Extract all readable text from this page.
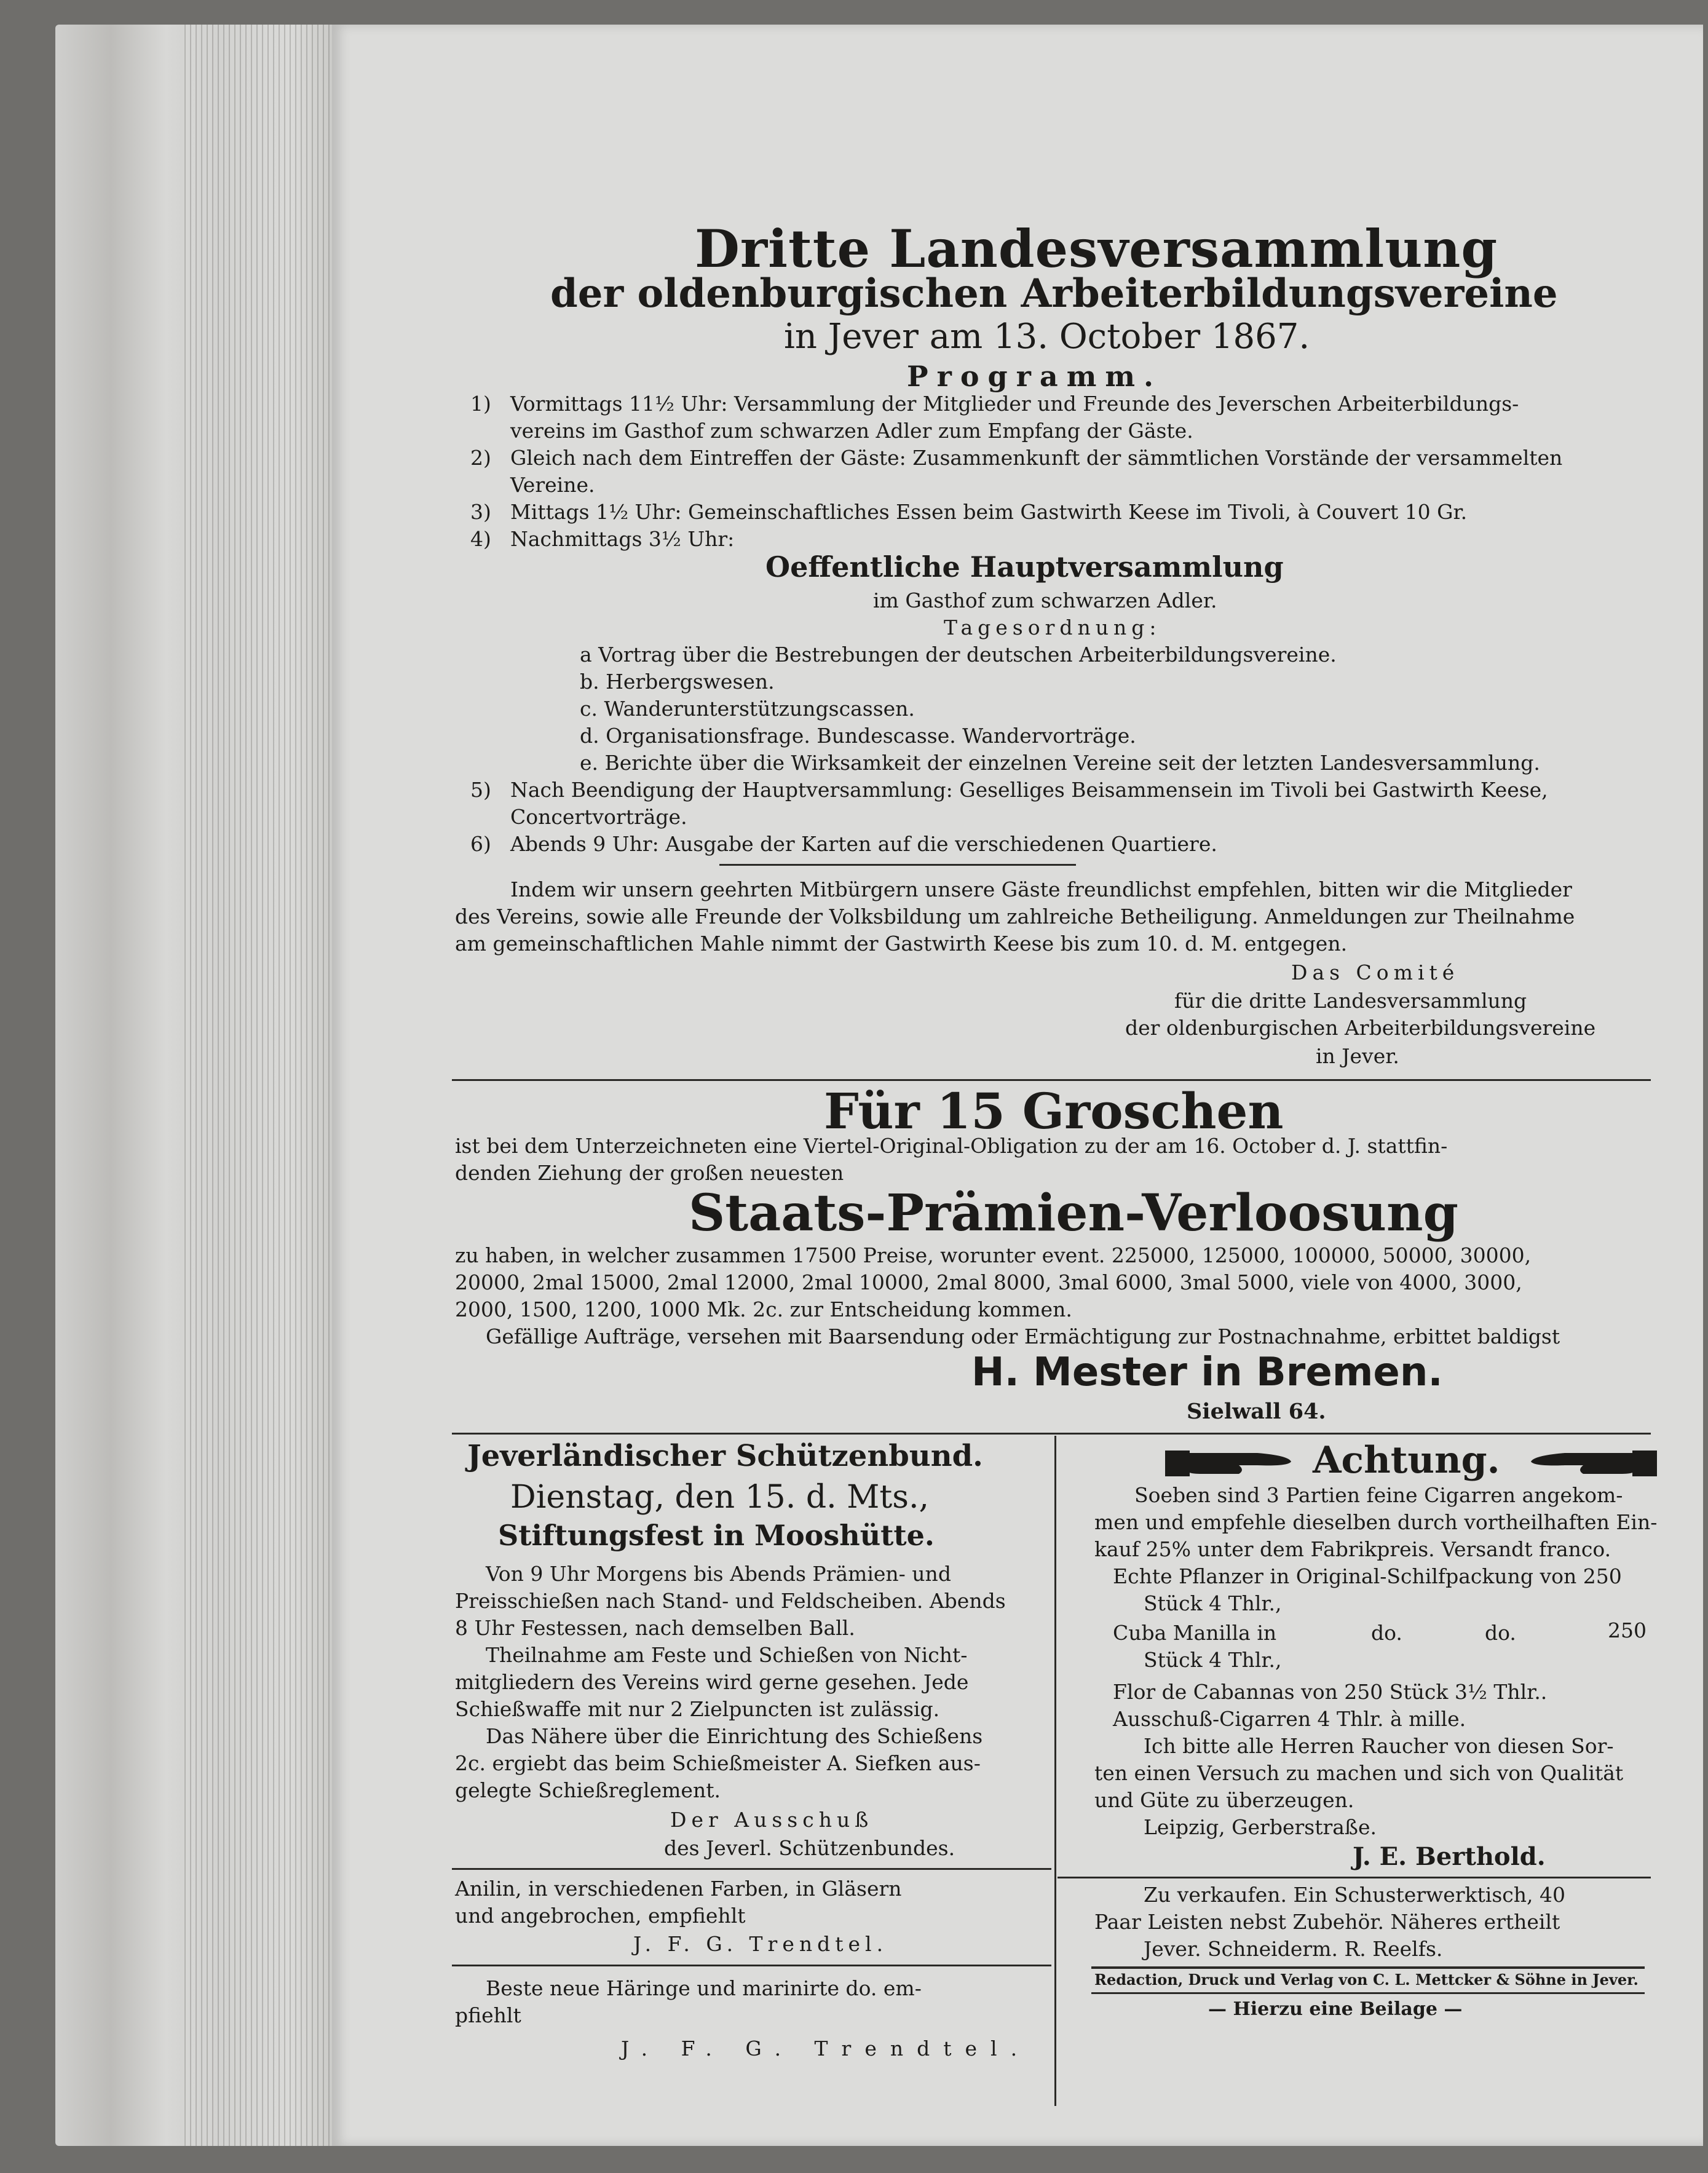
Dritte Landesversammlung
der oldenburgischen Arbeiterbildungsvereine
in Jever am 13. October 1867.
Programm.
1) Vormittags 11½ Uhr: Versammlung der Mitglieder und Freunde des Jeverschen Arbeiterbildungs-
vereins im Gasthof zum schwarzen Adler zum Empfang der Gäste.
2) Gleich nach dem Eintreffen der Gäste: Zusammenkunft der sämmtlichen Vorstände der versammelten
Vereine.
3) Mittags 1½ Uhr: Gemeinschaftliches Essen beim Gastwirth Keese im Tivoli, à Couvert 10 Gr.
4) Nachmittags 3½ Uhr:
Oeffentliche Hauptversammlung
im Gasthof zum schwarzen Adler.
Tagesordnung:
a Vortrag über die Bestrebungen der deutschen Arbeiterbildungsvereine.
b. Herbergswesen.
c. Wanderunterstützungscassen.
d. Organisationsfrage. Bundescasse. Wandervorträge.
e. Berichte über die Wirksamkeit der einzelnen Vereine seit der letzten Landesversammlung.
5) Nach Beendigung der Hauptversammlung: Geselliges Beisammensein im Tivoli bei Gastwirth Keese,
Concertvorträge.
6) Abends 9 Uhr: Ausgabe der Karten auf die verschiedenen Quartiere.
Indem wir unsern geehrten Mitbürgern unsere Gäste freundlichst empfehlen, bitten wir die Mitglieder
des Vereins, sowie alle Freunde der Volksbildung um zahlreiche Betheiligung. Anmeldungen zur Theilnahme
am gemeinschaftlichen Mahle nimmt der Gastwirth Keese bis zum 10. d. M. entgegen.
Das Comité
für die dritte Landesversammlung
der oldenburgischen Arbeiterbildungsvereine
in Jever.
Für 15 Groschen
ist bei dem Unterzeichneten eine Viertel-Original-Obligation zu der am 16. October d. J. stattfin-
denden Ziehung der großen neuesten
Staats-Prämien-Verloosung
zu haben, in welcher zusammen 17500 Preise, worunter event. 225000, 125000, 100000, 50000, 30000,
20000, 2mal 15000, 2mal 12000, 2mal 10000, 2mal 8000, 3mal 6000, 3mal 5000, viele von 4000, 3000,
2000, 1500, 1200, 1000 Mk. 2c. zur Entscheidung kommen.
Gefällige Aufträge, versehen mit Baarsendung oder Ermächtigung zur Postnachnahme, erbittet baldigst
H. Mester in Bremen.
Sielwall 64.
Jeverländischer Schützenbund.
Dienstag, den 15. d. Mts.,
Stiftungsfest in Mooshütte.
Von 9 Uhr Morgens bis Abends Prämien- und
Preisschießen nach Stand- und Feldscheiben. Abends
8 Uhr Festessen, nach demselben Ball.
Theilnahme am Feste und Schießen von Nicht-
mitgliedern des Vereins wird gerne gesehen. Jede
Schießwaffe mit nur 2 Zielpuncten ist zulässig.
Das Nähere über die Einrichtung des Schießens
2c. ergiebt das beim Schießmeister A. Siefken aus-
gelegte Schießreglement.
Der Ausschuß
des Jeverl. Schützenbundes.
Anilin, in verschiedenen Farben, in Gläsern
und angebrochen, empfiehlt
J. F. G. Trendtel.
Beste neue Häringe und marinirte do. em-
pfiehlt
J. F. G. Trendtel.
Achtung.
Soeben sind 3 Partien feine Cigarren angekom-
men und empfehle dieselben durch vortheilhaften Ein-
kauf 25% unter dem Fabrikpreis. Versandt franco.
Echte Pflanzer in Original-Schilfpackung von 250
Stück 4 Thlr.,
Cuba Manilla in	do.	do.	250
Stück 4 Thlr.,
Flor de Cabannas von 250 Stück 3½ Thlr..
Ausschuß-Cigarren 4 Thlr. à mille.
Ich bitte alle Herren Raucher von diesen Sor-
ten einen Versuch zu machen und sich von Qualität
und Güte zu überzeugen.
Leipzig, Gerberstraße.
J. E. Berthold.
Zu verkaufen. Ein Schusterwerktisch, 40
Paar Leisten nebst Zubehör. Näheres ertheilt
Jever. Schneiderm. R. Reelfs.
Redaction, Druck und Verlag von C. L. Mettcker & Söhne in Jever.
— Hierzu eine Beilage —
